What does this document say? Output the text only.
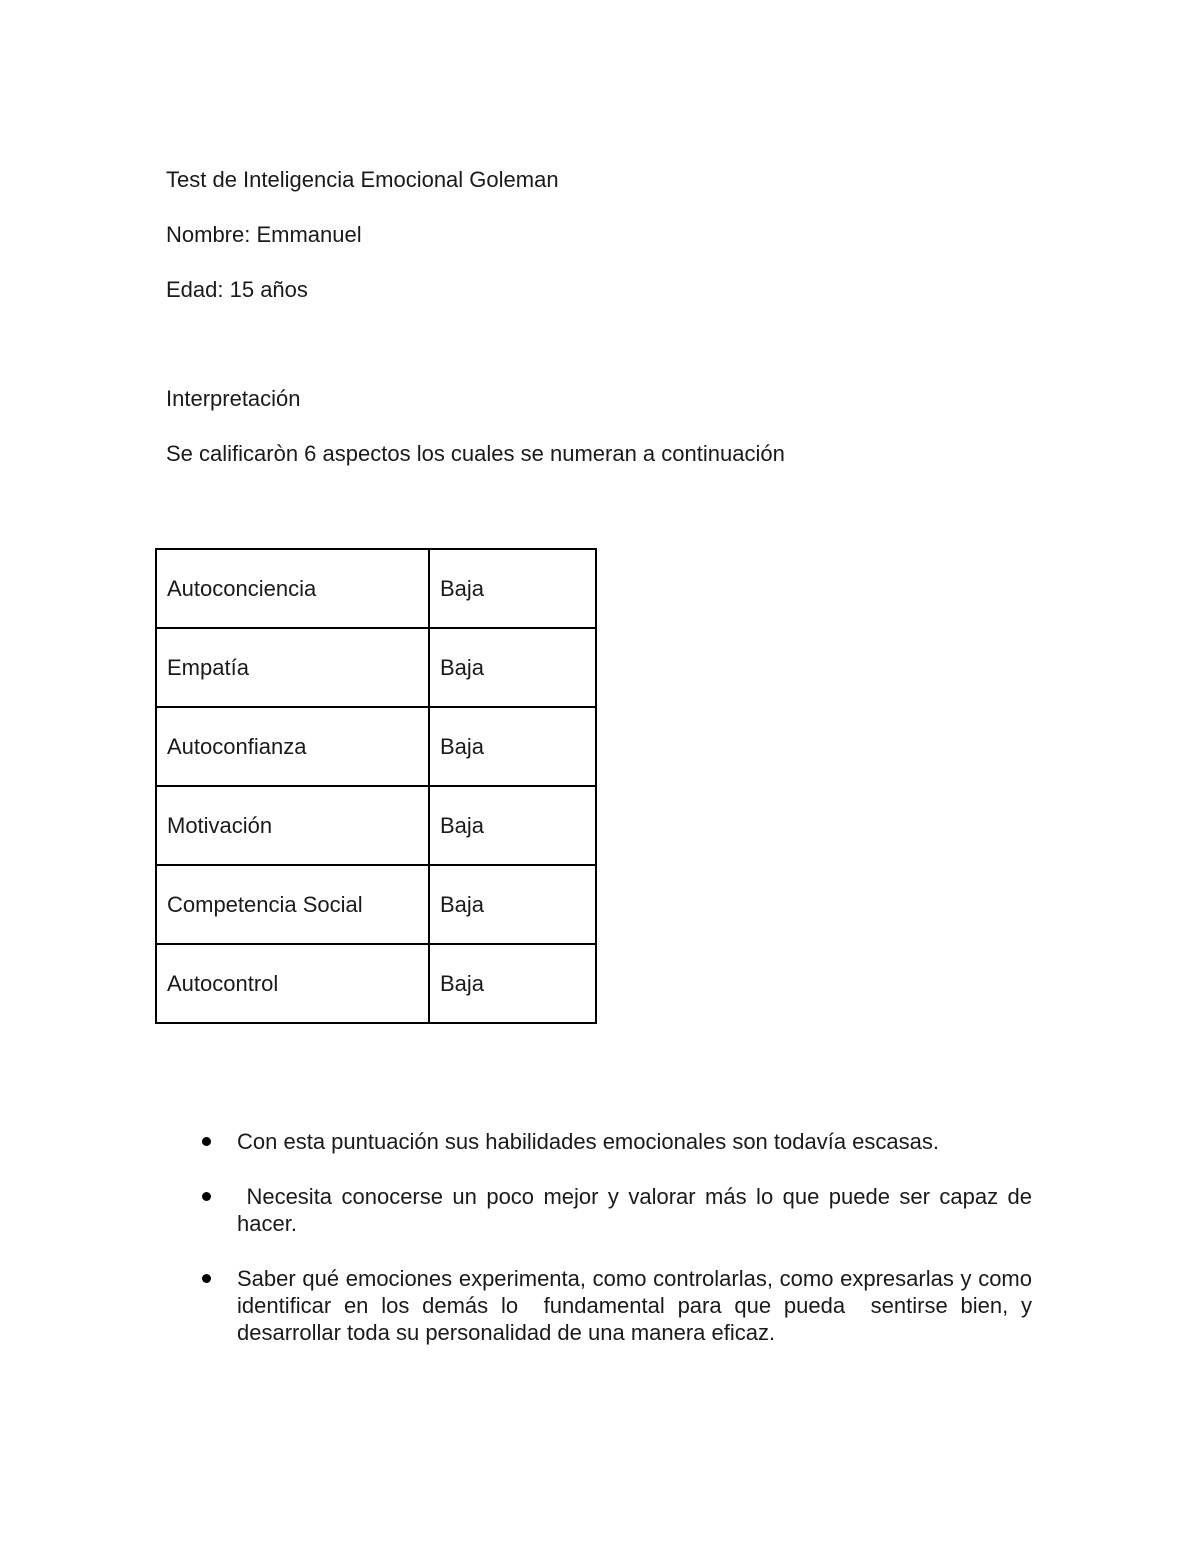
Test de Inteligencia Emocional Goleman

Nombre: Emmanuel

Edad: 15 años

Interpretación

Se calificaròn 6 aspectos los cuales se numeran a continuación

Autoconciencia	Baja
Empatía	Baja
Autoconfianza	Baja
Motivación	Baja
Competencia Social	Baja
Autocontrol	Baja
Con esta puntuación sus habilidades emocionales son todavía escasas.
Necesita conocerse un poco mejor y valorar más lo que puede ser capaz de hacer.
Saber qué emociones experimenta, como controlarlas, como expresarlas y como identificar en los demás lo  fundamental para que pueda  sentirse bien, y desarrollar toda su personalidad de una manera eficaz.
